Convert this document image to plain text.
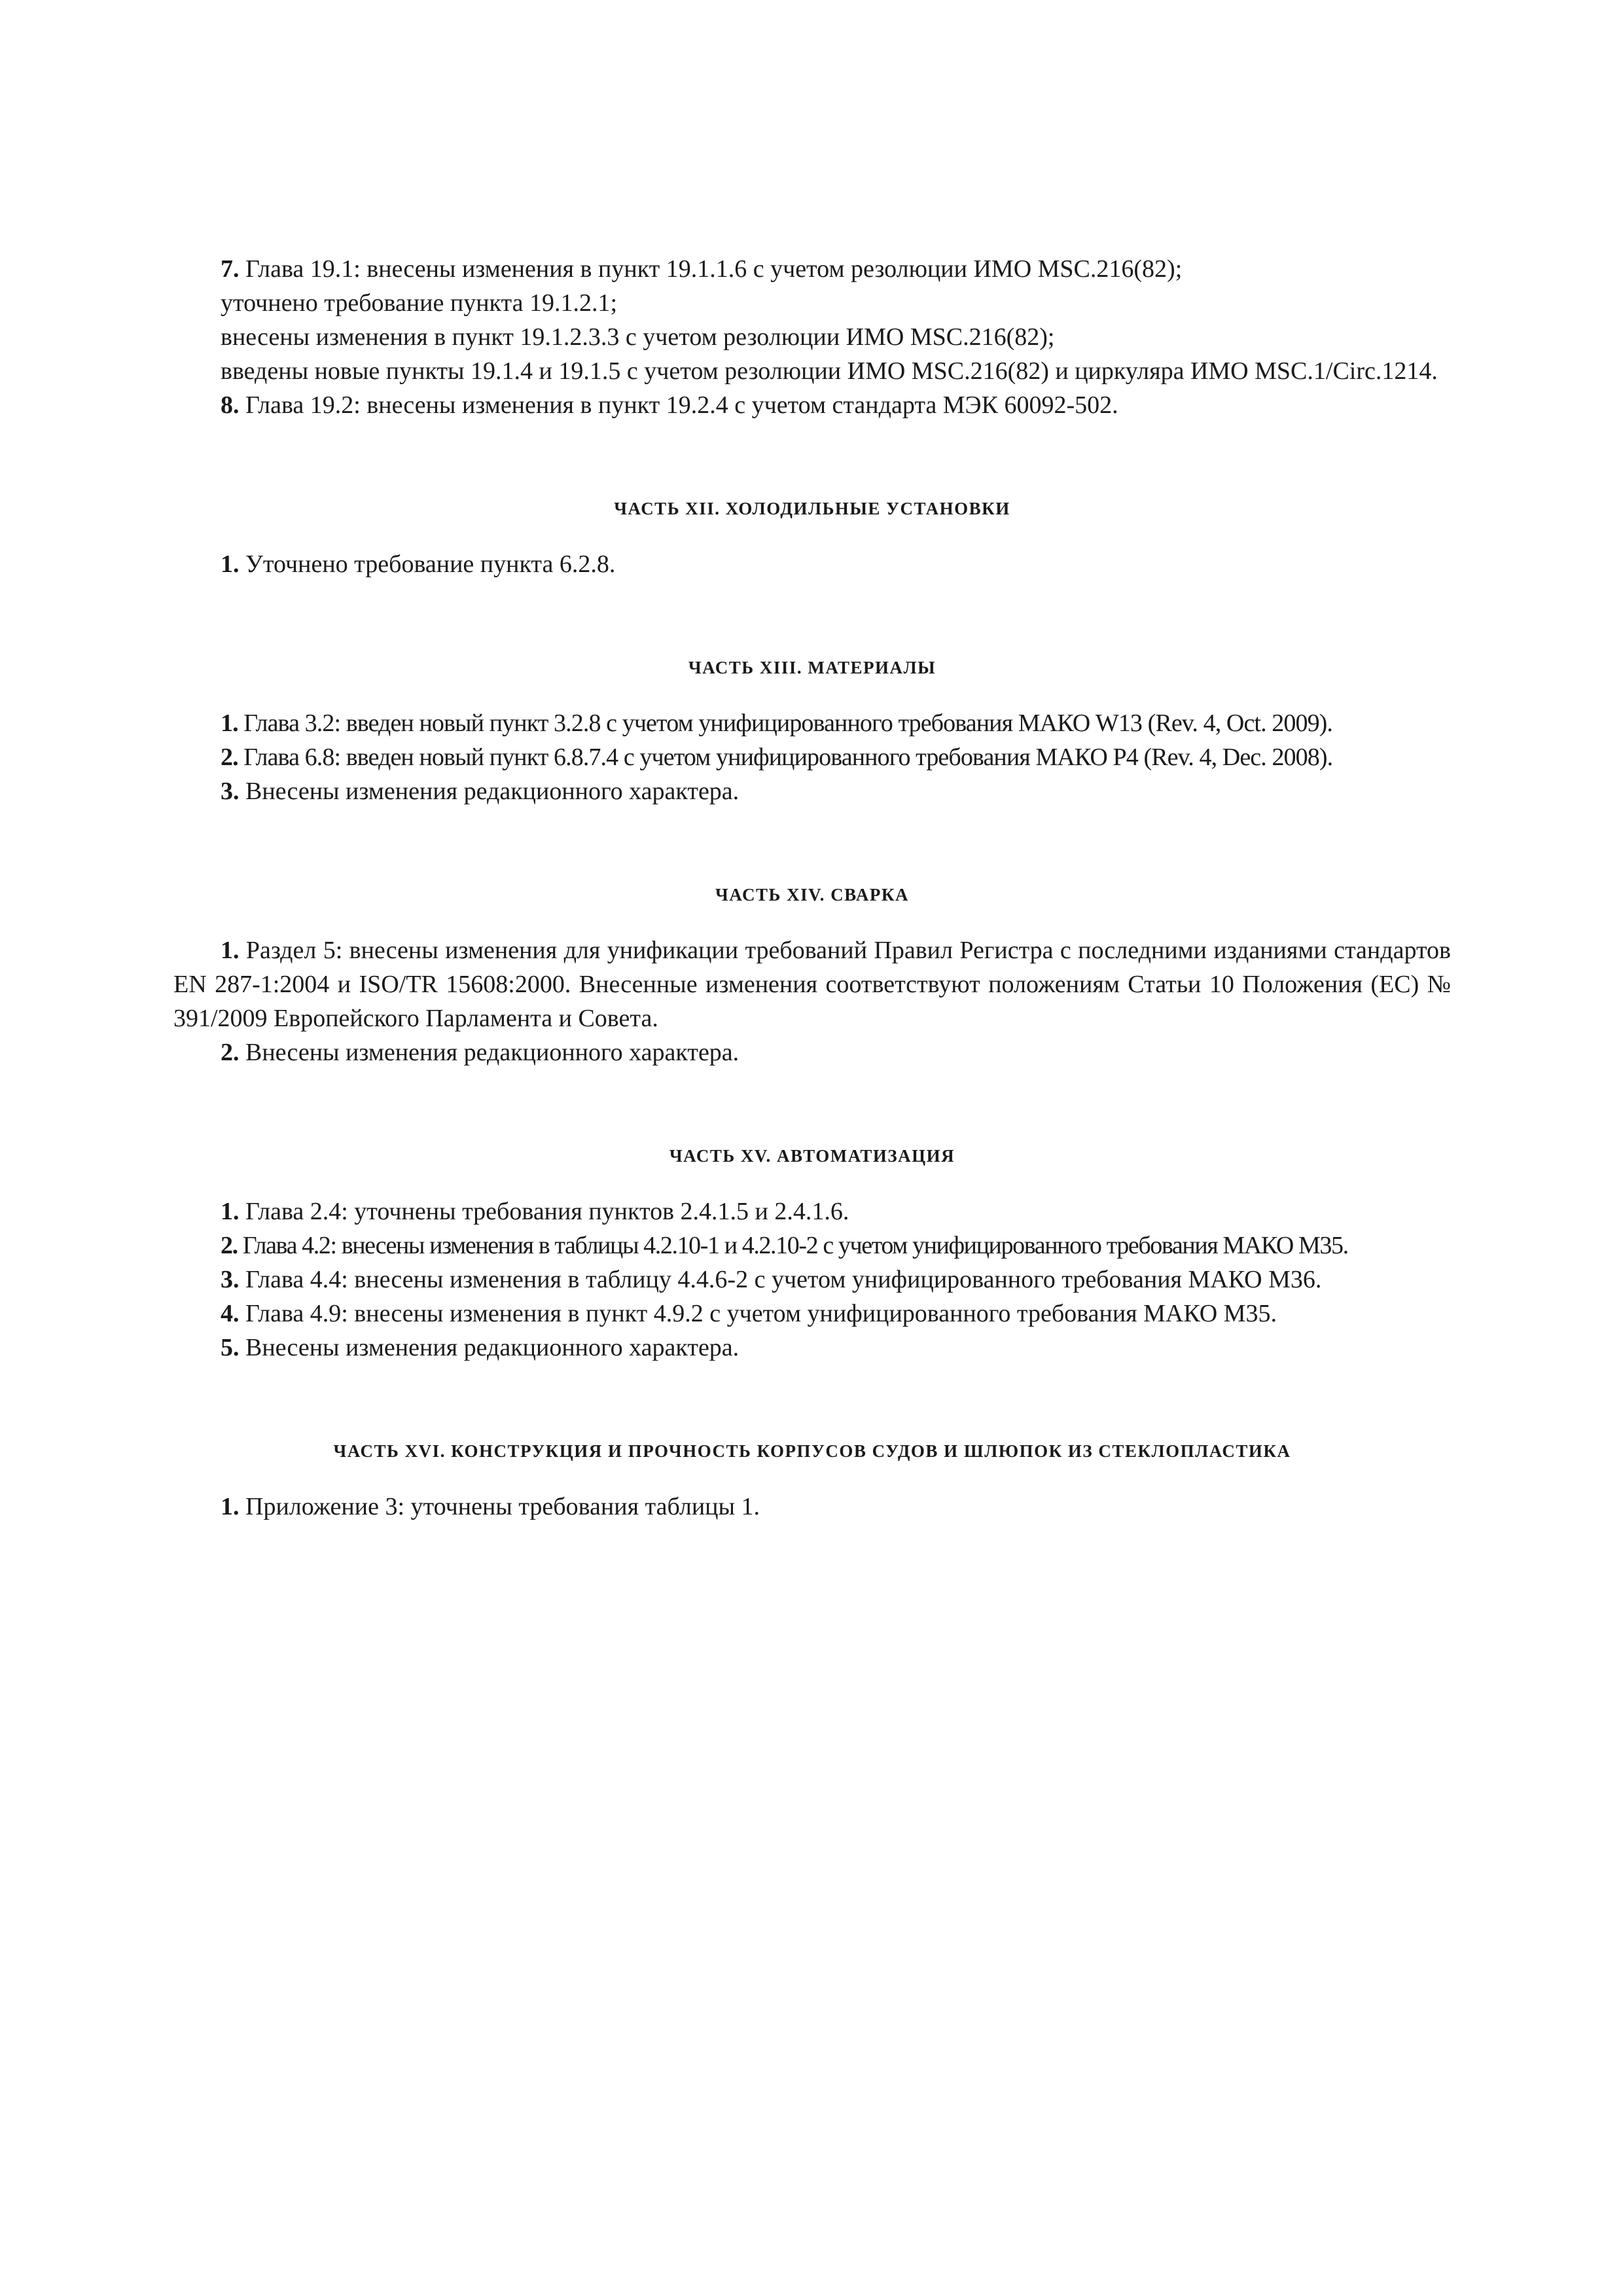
7. Глава 19.1: внесены изменения в пункт 19.1.1.6 с учетом резолюции ИМО MSC.216(82);

уточнено требование пункта 19.1.2.1;

внесены изменения в пункт 19.1.2.3.3 с учетом резолюции ИМО MSC.216(82);

введены новые пункты 19.1.4 и 19.1.5 с учетом резолюции ИМО MSC.216(82) и циркуляра ИМО MSC.1/Circ.1214.

8. Глава 19.2: внесены изменения в пункт 19.2.4 с учетом стандарта МЭК 60092-502.

ЧАСТЬ XII. ХОЛОДИЛЬНЫЕ УСТАНОВКИ

1. Уточнено требование пункта 6.2.8.

ЧАСТЬ XIII. МАТЕРИАЛЫ

1. Глава 3.2: введен новый пункт 3.2.8 с учетом унифицированного требования МАКО W13 (Rev. 4, Oct. 2009).

2. Глава 6.8: введен новый пункт 6.8.7.4 с учетом унифицированного требования МАКО P4 (Rev. 4, Dec. 2008).

3. Внесены изменения редакционного характера.

ЧАСТЬ XIV. СВАРКА

1. Раздел 5: внесены изменения для унификации требований Правил Регистра с последними изданиями стандартов EN 287-1:2004 и ISO/TR 15608:2000. Внесенные изменения соответствуют положениям Статьи 10 Положения (ЕС) № 391/2009 Европейского Парламента и Совета.

2. Внесены изменения редакционного характера.

ЧАСТЬ XV. АВТОМАТИЗАЦИЯ

1. Глава 2.4: уточнены требования пунктов 2.4.1.5 и 2.4.1.6.

2. Глава 4.2: внесены изменения в таблицы 4.2.10-1 и 4.2.10-2 с учетом унифицированного требования МАКО M35.

3. Глава 4.4: внесены изменения в таблицу 4.4.6-2 с учетом унифицированного требования МАКО M36.

4. Глава 4.9: внесены изменения в пункт 4.9.2 с учетом унифицированного требования МАКО M35.

5. Внесены изменения редакционного характера.

ЧАСТЬ XVI. КОНСТРУКЦИЯ И ПРОЧНОСТЬ КОРПУСОВ СУДОВ И ШЛЮПОК ИЗ СТЕКЛОПЛАСТИКА

1. Приложение 3: уточнены требования таблицы 1.
